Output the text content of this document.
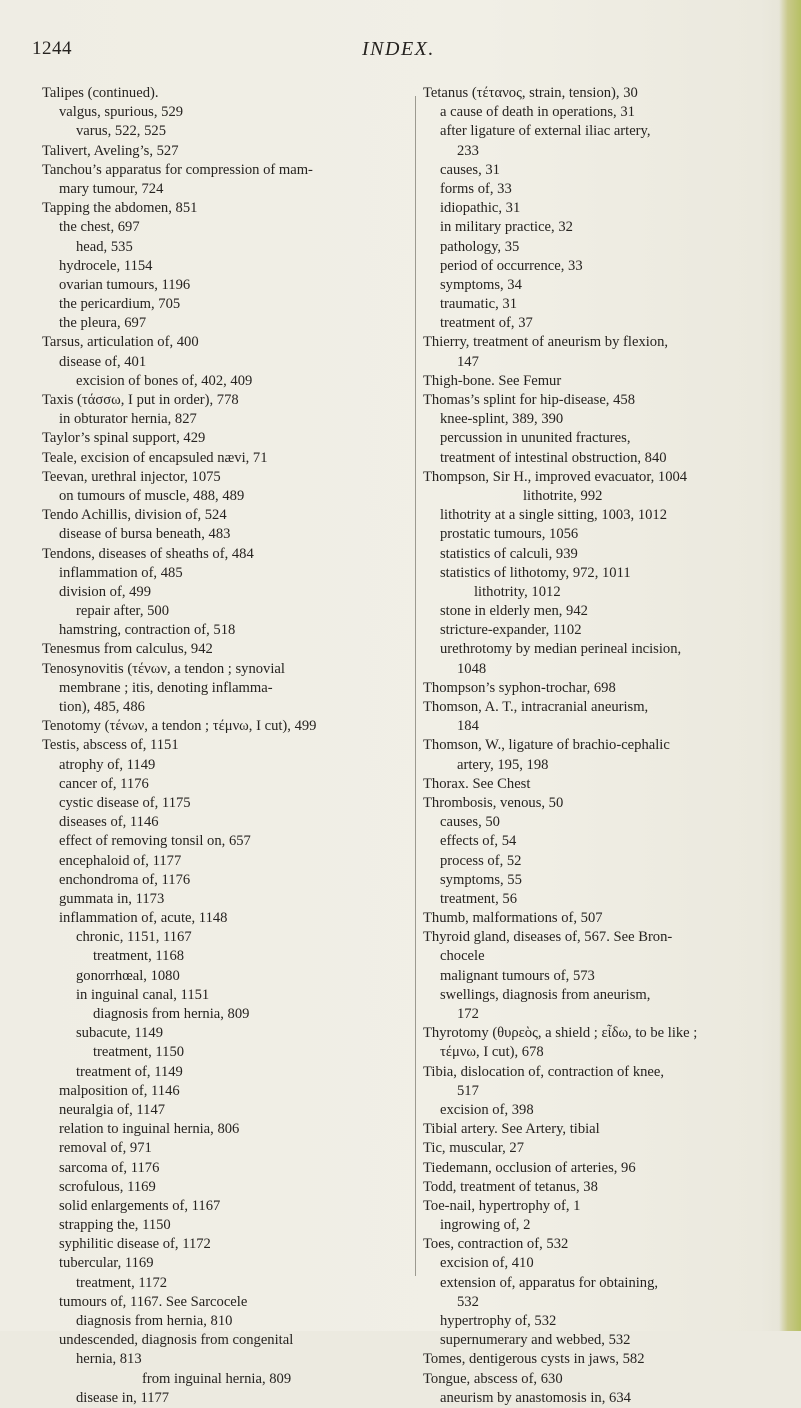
1244	INDEX.
Talipes (continued).
valgus, spurious, 529
varus, 522, 525
Talivert, Aveling’s, 527
Tanchou’s apparatus for compression of mam-
mary tumour, 724
Tapping the abdomen, 851
the chest, 697
head, 535
hydrocele, 1154
ovarian tumours, 1196
the pericardium, 705
the pleura, 697
Tarsus, articulation of, 400
disease of, 401
excision of bones of, 402, 409
Taxis (τάσσω, I put in order), 778
in obturator hernia, 827
Taylor’s spinal support, 429
Teale, excision of encapsuled nævi, 71
Teevan, urethral injector, 1075
on tumours of muscle, 488, 489
Tendo Achillis, division of, 524
disease of bursa beneath, 483
Tendons, diseases of sheaths of, 484
inflammation of, 485
division of, 499
repair after, 500
hamstring, contraction of, 518
Tenesmus from calculus, 942
Tenosynovitis (τένων, a tendon ; synovial
membrane ; itis, denoting inflamma-
tion), 485, 486
Tenotomy (τένων, a tendon ; τέμνω, I cut), 499
Testis, abscess of, 1151
atrophy of, 1149
cancer of, 1176
cystic disease of, 1175
diseases of, 1146
effect of removing tonsil on, 657
encephaloid of, 1177
enchondroma of, 1176
gummata in, 1173
inflammation of, acute, 1148
chronic, 1151, 1167
treatment, 1168
gonorrhœal, 1080
in inguinal canal, 1151
diagnosis from hernia, 809
subacute, 1149
treatment, 1150
treatment of, 1149
malposition of, 1146
neuralgia of, 1147
relation to inguinal hernia, 806
removal of, 971
sarcoma of, 1176
scrofulous, 1169
solid enlargements of, 1167
strapping the, 1150
syphilitic disease of, 1172
tubercular, 1169
treatment, 1172
tumours of, 1167. See Sarcocele
diagnosis from hernia, 810
undescended, diagnosis from congenital
hernia, 813
from inguinal hernia, 809
disease in, 1177
Tetanus (τέτανος, strain, tension), 30
a cause of death in operations, 31
after ligature of external iliac artery,
233
causes, 31
forms of, 33
idiopathic, 31
in military practice, 32
pathology, 35
period of occurrence, 33
symptoms, 34
traumatic, 31
treatment of, 37
Thierry, treatment of aneurism by flexion,
147
Thigh-bone. See Femur
Thomas’s splint for hip-disease, 458
knee-splint, 389, 390
percussion in ununited fractures,
treatment of intestinal obstruction, 840
Thompson, Sir H., improved evacuator, 1004
lithotrite, 992
lithotrity at a single sitting, 1003, 1012
prostatic tumours, 1056
statistics of calculi, 939
statistics of lithotomy, 972, 1011
lithotrity, 1012
stone in elderly men, 942
stricture-expander, 1102
urethrotomy by median perineal incision,
1048
Thompson’s syphon-trochar, 698
Thomson, A. T., intracranial aneurism,
184
Thomson, W., ligature of brachio-cephalic
artery, 195, 198
Thorax. See Chest
Thrombosis, venous, 50
causes, 50
effects of, 54
process of, 52
symptoms, 55
treatment, 56
Thumb, malformations of, 507
Thyroid gland, diseases of, 567. See Bron-
chocele
malignant tumours of, 573
swellings, diagnosis from aneurism,
172
Thyrotomy (θυρεὸς, a shield ; εἶδω, to be like ;
τέμνω, I cut), 678
Tibia, dislocation of, contraction of knee,
517
excision of, 398
Tibial artery. See Artery, tibial
Tic, muscular, 27
Tiedemann, occlusion of arteries, 96
Todd, treatment of tetanus, 38
Toe-nail, hypertrophy of, 1
ingrowing of, 2
Toes, contraction of, 532
excision of, 410
extension of, apparatus for obtaining,
532
hypertrophy of, 532
supernumerary and webbed, 532
Tomes, dentigerous cysts in jaws, 582
Tongue, abscess of, 630
aneurism by anastomosis in, 634
